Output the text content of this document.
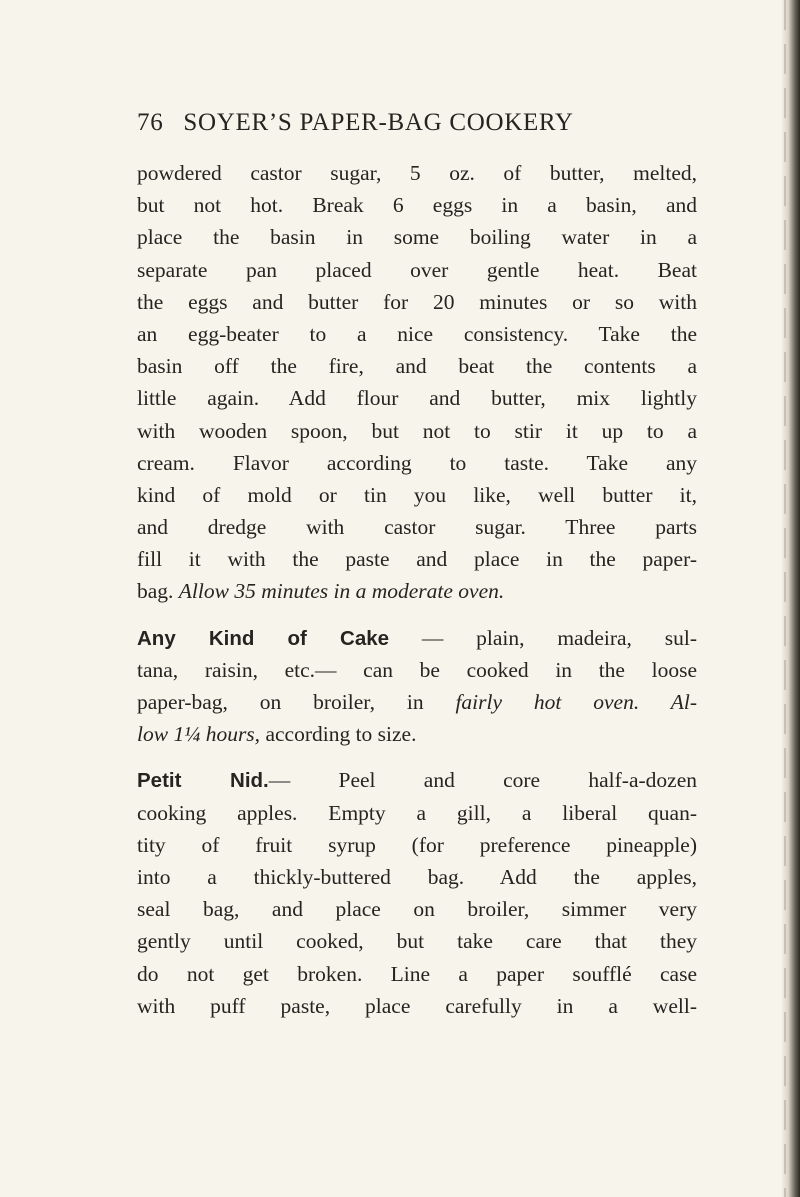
76 SOYER’S PAPER-BAG COOKERY
powdered castor sugar, 5 oz. of butter, melted,
but not hot. Break 6 eggs in a basin, and
place the basin in some boiling water in a
separate pan placed over gentle heat. Beat
the eggs and butter for 20 minutes or so with
an egg-beater to a nice consistency. Take the
basin off the fire, and beat the contents a
little again. Add flour and butter, mix lightly
with wooden spoon, but not to stir it up to a
cream. Flavor according to taste. Take any
kind of mold or tin you like, well butter it,
and dredge with castor sugar. Three parts
fill it with the paste and place in the paper-
bag. Allow 35 minutes in a moderate oven.
Any Kind of Cake — plain, madeira, sul-
tana, raisin, etc.— can be cooked in the loose
paper-bag, on broiler, in fairly hot oven. Al-
low 1¼ hours, according to size.
Petit Nid.— Peel and core half-a-dozen
cooking apples. Empty a gill, a liberal quan-
tity of fruit syrup (for preference pineapple)
into a thickly-buttered bag. Add the apples,
seal bag, and place on broiler, simmer very
gently until cooked, but take care that they
do not get broken. Line a paper soufflé case
with puff paste, place carefully in a well-
